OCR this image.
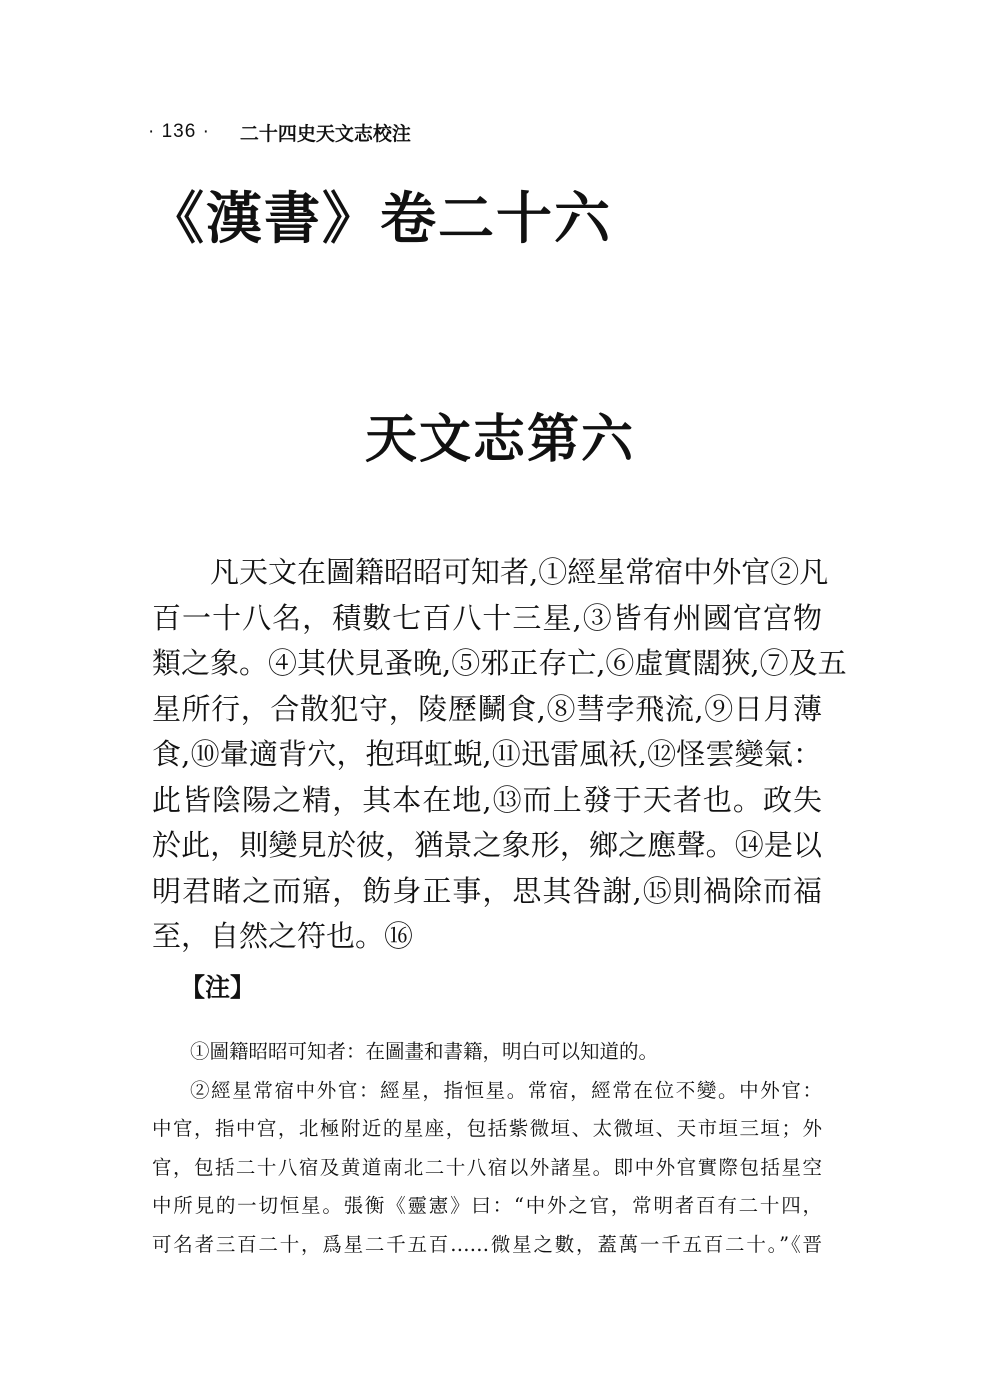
· 136 · 二十四史天文志校注
《漢書》卷二十六
天文志第六
凡天文在圖籍昭昭可知者,①經星常宿中外官②凡
百一十八名，積數七百八十三星,③皆有州國官宫物
類之象。④其伏見蚤晚,⑤邪正存亡,⑥虛實闊狹,⑦及五
星所行，合散犯守，陵歷鬭食,⑧彗孛飛流,⑨日月薄
食,⑩暈適背穴，抱珥虹蜺,⑪迅雷風袄,⑫怪雲變氣：
此皆陰陽之精，其本在地,⑬而上發于天者也。政失
於此，則變見於彼，猶景之象形，鄉之應聲。⑭是以
明君睹之而寤，飭身正事，思其咎謝,⑮則禍除而福
至，自然之符也。⑯
【注】
①圖籍昭昭可知者：在圖畫和書籍，明白可以知道的。
②經星常宿中外官：經星，指恒星。常宿，經常在位不變。中外官：
中官，指中宫，北極附近的星座，包括紫微垣、太微垣、天市垣三垣；外
官，包括二十八宿及黄道南北二十八宿以外諸星。即中外官實際包括星空
中所見的一切恒星。張衡《靈憲》曰：“中外之官，常明者百有二十四，
可名者三百二十，爲星二千五百……微星之數，蓋萬一千五百二十。”《晋
